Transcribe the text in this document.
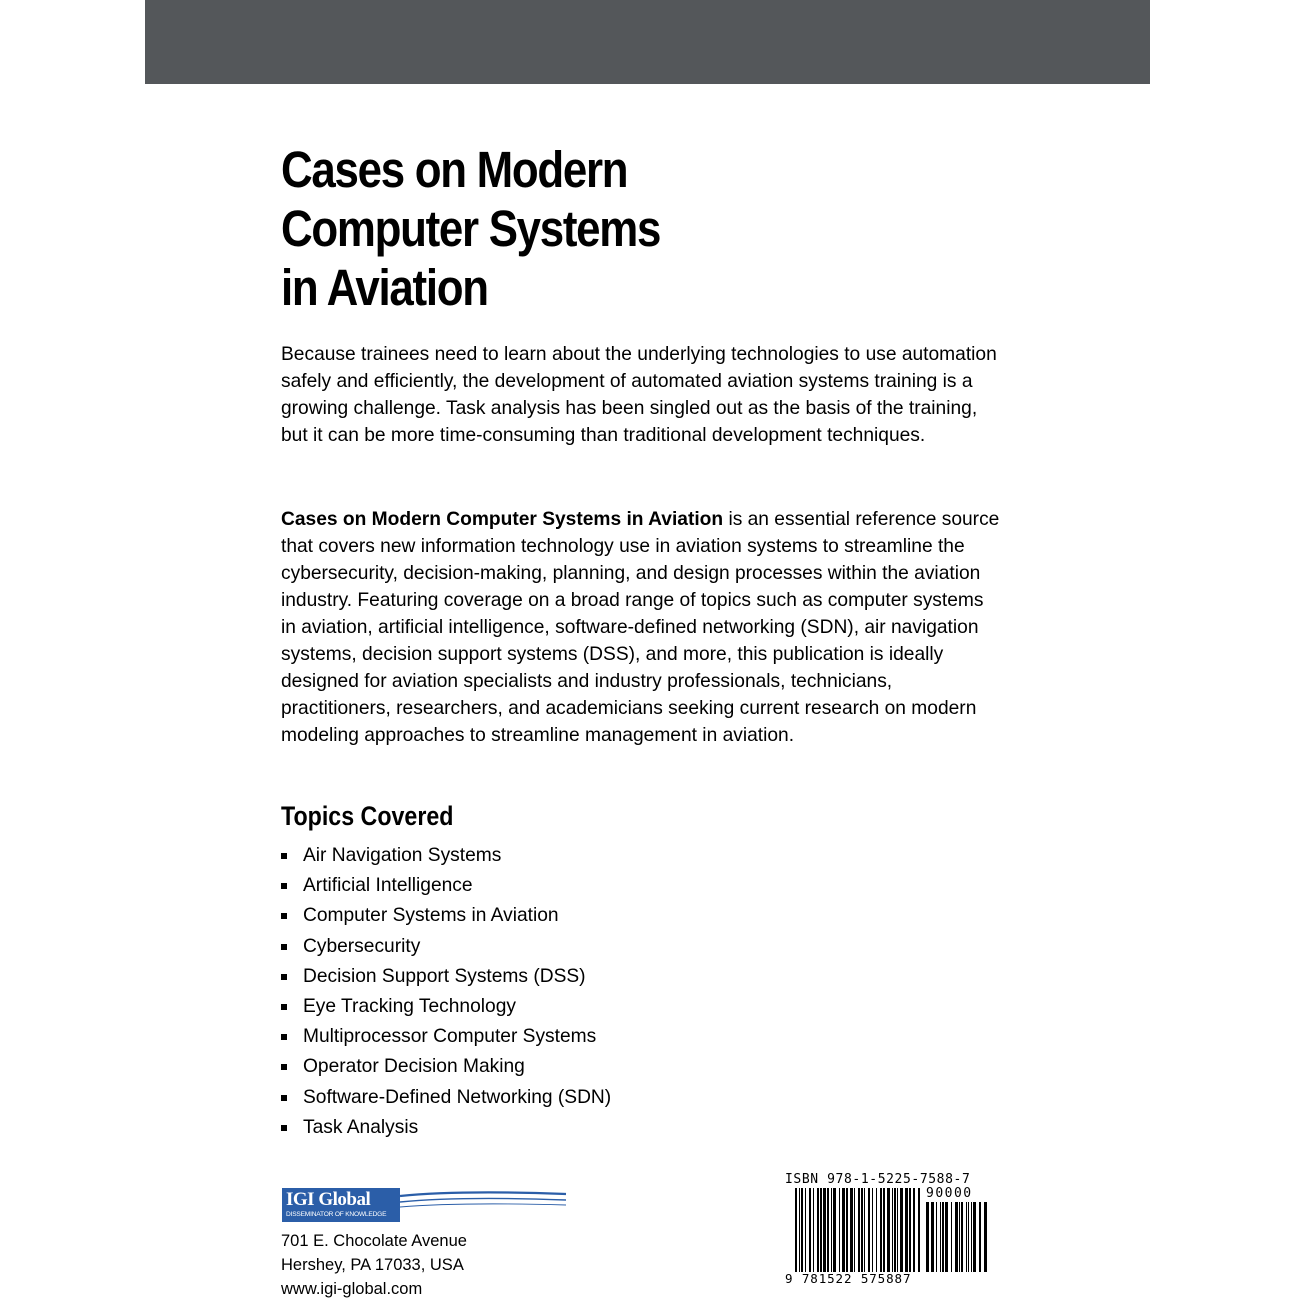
Cases on Modern
Computer Systems
in Aviation

Because trainees need to learn about the underlying technologies to use automation safely and efficiently, the development of automated aviation systems training is a growing challenge. Task analysis has been singled out as the basis of the training, but it can be more time-consuming than traditional development techniques.

Cases on Modern Computer Systems in Aviation is an essential reference source that covers new information technology use in aviation systems to streamline the cybersecurity, decision-making, planning, and design processes within the aviation industry. Featuring coverage on a broad range of topics such as computer systems in aviation, artificial intelligence, software-defined networking (SDN), air navigation systems, decision support systems (DSS), and more, this publication is ideally designed for aviation specialists and industry professionals, technicians, practitioners, researchers, and academicians seeking current research on modern modeling approaches to streamline management in aviation.

Topics Covered
Air Navigation Systems
Artificial Intelligence
Computer Systems in Aviation
Cybersecurity
Decision Support Systems (DSS)
Eye Tracking Technology
Multiprocessor Computer Systems
Operator Decision Making
Software-Defined Networking (SDN)
Task Analysis
IGI Global
DISSEMINATOR OF KNOWLEDGE

701 E. Chocolate Avenue
Hershey, PA 17033, USA
www.igi-global.com

ISBN 978-1-5225-7588-7
90000
9 781522 575887
